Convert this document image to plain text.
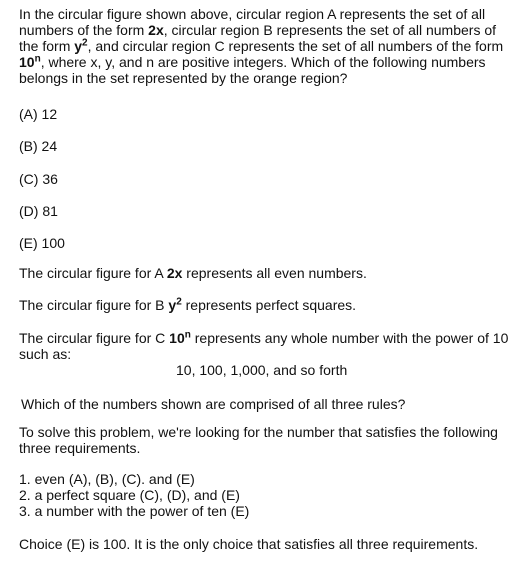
In the circular figure shown above, circular region A represents the set of all numbers of the form 2x, circular region B represents the set of all numbers of the form $y^2$, and circular region C represents the set of all numbers of the form 10$^n$, where x, y, and n are positive integers. Which of the following numbers belongs in the set represented by the orange region?
(A) 12
(B) 24
(C) 36
(D) 81
(E) 100
The circular figure for A 2x represents all even numbers.
The circular figure for B $y^2$ represents perfect squares.
The circular figure for C 10$^n$ represents any whole number with the power of 10 such as:
10, 100, 1,000, and so forth
Which of the numbers shown are comprised of all three rules?
To solve this problem, we're looking for the number that satisfies the following three requirements.
1. even (A), (B), (C). and (E)
2. a perfect square (C), (D), and (E)
3. a number with the power of ten (E)
Choice (E) is 100. It is the only choice that satisfies all three requirements.
